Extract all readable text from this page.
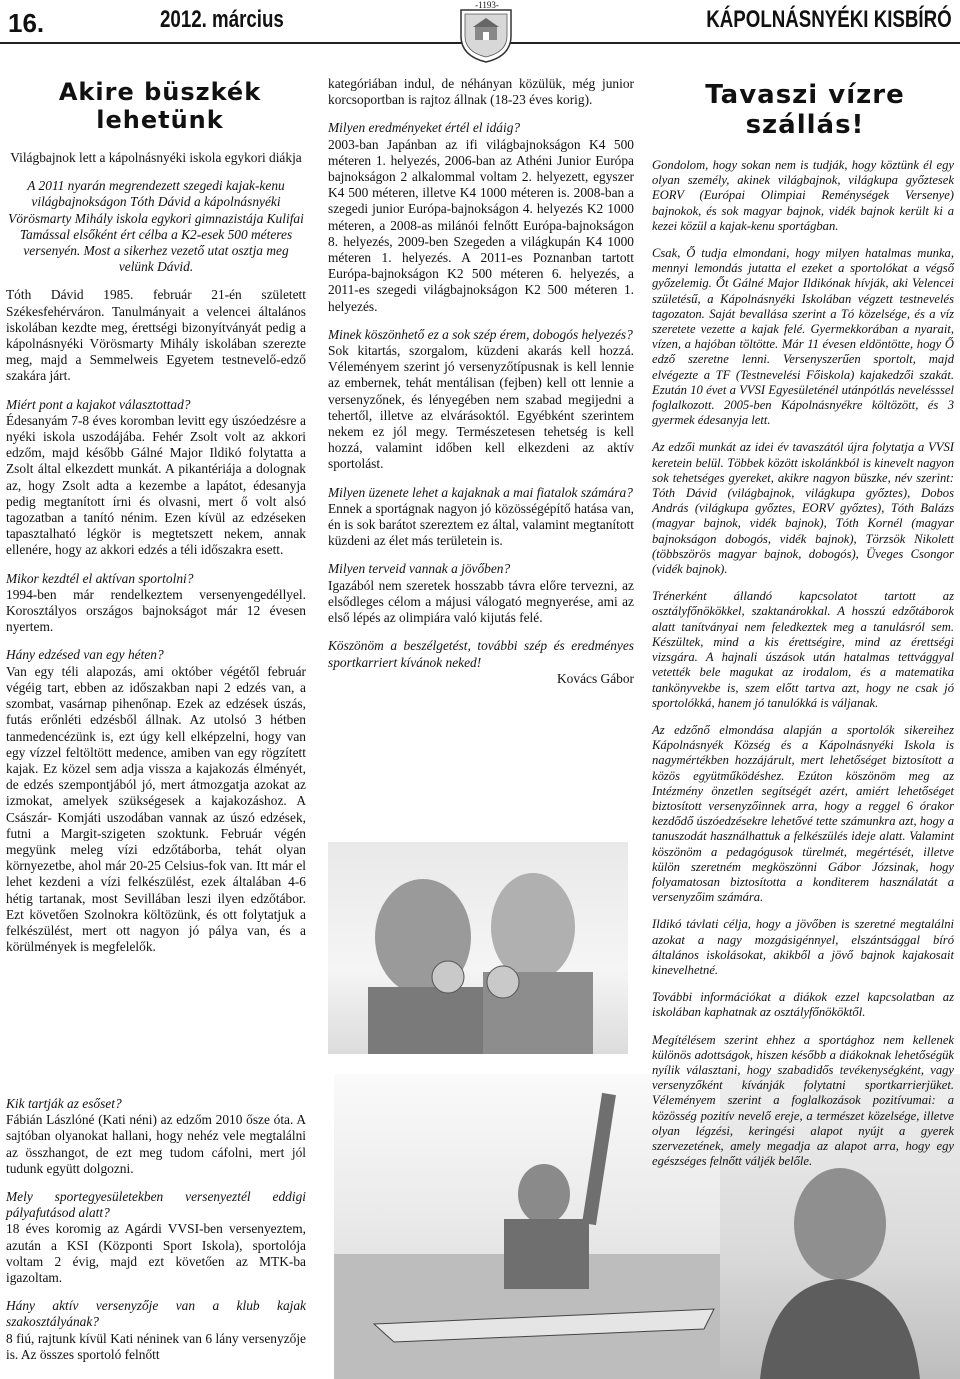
16.	2012. március	KÁPOLNÁSNYÉKI KISBÍRÓ
-1193-
Akire büszkék lehetünk

Világbajnok lett a kápolnásnyéki iskola egykori diákja

A 2011 nyarán megrendezett szegedi kajak-kenu világbajnokságon Tóth Dávid a kápolnásnyéki Vörösmarty Mihály iskola egykori gimnazistája Kulifai Tamással elsőként ért célba a K2-esek 500 méteres versenyén. Most a sikerhez vezető utat osztja meg velünk Dávid.

Tóth Dávid 1985. február 21-én született Székesfehérváron. Tanulmányait a velencei általános iskolában kezdte meg, érettségi bizonyítványát pedig a kápolnásnyéki Vörösmarty Mihály iskolában szerezte meg, majd a Semmelweis Egyetem testnevelő-edző szakára járt.

Miért pont a kajakot választottad?

Édesanyám 7-8 éves koromban levitt egy úszóedzésre a nyéki iskola uszodájába. Fehér Zsolt volt az akkori edzőm, majd később Gálné Major Ildikó folytatta a Zsolt által elkezdett munkát. A pikantériája a dolognak az, hogy Zsolt adta a kezembe a lapátot, édesanyja pedig megtanított írni és olvasni, mert ő volt alsó tagozatban a tanító nénim. Ezen kívül az edzéseken tapasztalható légkör is megtetszett nekem, annak ellenére, hogy az akkori edzés a téli időszakra esett.

Mikor kezdtél el aktívan sportolni?

1994-ben már rendelkeztem versenyengedéllyel. Korosztályos országos bajnokságot már 12 évesen nyertem.

Hány edzésed van egy héten?

Van egy téli alapozás, ami október végétől február végéig tart, ebben az időszakban napi 2 edzés van, a szombat, vasárnap pihenőnap. Ezek az edzések úszás, futás erőnléti edzésből állnak. Az utolsó 3 hétben tanmedencézünk is, ezt úgy kell elképzelni, hogy van egy vízzel feltöltött medence, amiben van egy rögzített kajak. Ez közel sem adja vissza a kajakozás élményét, de edzés szempontjából jó, mert átmozgatja azokat az izmokat, amelyek szükségesek a kajakozáshoz. A Császár- Komjáti uszodában vannak az úszó edzések, futni a Margit-szigeten szoktunk. Február végén megyünk meleg vízi edzőtáborba, tehát olyan környezetbe, ahol már 20-25 Celsius-fok van. Itt már el lehet kezdeni a vízi felkészülést, ezek általában 4-6 hétig tartanak, most Sevillában leszi ilyen edzőtábor. Ezt követően Szolnokra költözünk, és ott folytatjuk a felkészülést, mert ott nagyon jó pálya van, és a körülmények is megfelelők.

Kik tartják az esőset?

Fábián Lászlóné (Kati néni) az edzőm 2010 ősze óta. A sajtóban olyanokat hallani, hogy nehéz vele megtalálni az összhangot, de ezt meg tudom cáfolni, mert jól tudunk együtt dolgozni.

Mely sportegyesületekben versenyeztél eddigi pályafutásod alatt?

18 éves koromig az Agárdi VVSI-ben versenyeztem, azután a KSI (Központi Sport Iskola), sportolója voltam 2 évig, majd ezt követően az MTK-ba igazoltam.

Hány aktív versenyzője van a klub kajak szakosztályának?

8 fiú, rajtunk kívül Kati néninek van 6 lány versenyzője is. Az összes sportoló felnőtt

kategóriában indul, de néhányan közülük, még junior korcsoportban is rajtoz állnak (18-23 éves korig).

Milyen eredményeket értél el idáig?

2003-ban Japánban az ifi világbajnokságon K4 500 méteren 1. helyezés, 2006-ban az Athéni Junior Európa bajnokságon 2 alkalommal voltam 2. helyezett, egyszer K4 500 méteren, illetve K4 1000 méteren is. 2008-ban a szegedi junior Európa-bajnokságon 4. helyezés K2 1000 méteren, a 2008-as milánói felnőtt Európa-bajnokságon 8. helyezés, 2009-ben Szegeden a világkupán K4 1000 méteren 1. helyezés. A 2011-es Poznanban tartott Európa-bajnokságon K2 500 méteren 6. helyezés, a 2011-es szegedi világbajnokságon K2 500 méteren 1. helyezés.

Minek köszönhető ez a sok szép érem, dobogós helyezés?

Sok kitartás, szorgalom, küzdeni akarás kell hozzá. Véleményem szerint jó versenyzőtípusnak is kell lennie az embernek, tehát mentálisan (fejben) kell ott lennie a versenyzőnek, és lényegében nem szabad megijedni a tehertől, illetve az elvárásoktól. Egyébként szerintem nekem ez jól megy. Természetesen tehetség is kell hozzá, valamint időben kell elkezdeni az aktív sportolást.

Milyen üzenete lehet a kajaknak a mai fiatalok számára?

Ennek a sportágnak nagyon jó közösségépítő hatása van, én is sok barátot szereztem ez által, valamint megtanított küzdeni az élet más területein is.

Milyen terveid vannak a jövőben?

Igazából nem szeretek hosszabb távra előre tervezni, az elsődleges célom a májusi válogató megnyerése, ami az első lépés az olimpiára való kijutás felé.

Köszönöm a beszélgetést, további szép és eredményes sportkarriert kívánok neked!

Kovács Gábor

Tavaszi vízre szállás!

Gondolom, hogy sokan nem is tudják, hogy köztünk él egy olyan személy, akinek világbajnok, világkupa győztesek EORV (Európai Olimpiai Reménységek Versenye) bajnokok, és sok magyar bajnok, vidék bajnok került ki a kezei közül a kajak-kenu sportágban.

Csak, Ő tudja elmondani, hogy milyen hatalmas munka, mennyi lemondás jutatta el ezeket a sportolókat a végső győzelemig. Őt Gálné Major Ildikónak hívják, aki Velencei születésű, a Kápolnásnyéki Iskolában végzett testnevelés tagozaton. Saját bevallása szerint a Tó közelsége, és a víz szeretete vezette a kajak felé. Gyermekkorában a nyarait, vízen, a hajóban töltötte. Már 11 évesen eldöntötte, hogy Ő edző szeretne lenni. Versenyszerűen sportolt, majd elvégezte a TF (Testnevelési Főiskola) kajakedzői szakát. Ezután 10 évet a VVSI Egyesületénél utánpótlás nevelésssel foglalkozott. 2005-ben Kápolnásnyékre költözött, és 3 gyermek édesanyja lett.

Az edzői munkát az idei év tavaszától újra folytatja a VVSI keretein belül. Többek között iskolánkból is kinevelt nagyon sok tehetséges gyereket, akikre nagyon büszke, név szerint: Tóth Dávid (világbajnok, világkupa győztes), Dobos András (világkupa győztes, EORV győztes), Tóth Balázs (magyar bajnok, vidék bajnok), Tóth Kornél (magyar bajnokságon dobogós, vidék bajnok), Törzsök Nikolett (többszörös magyar bajnok, dobogós), Üveges Csongor (vidék bajnok).

Trénerként állandó kapcsolatot tartott az osztályfőnökökkel, szaktanárokkal. A hosszú edzőtáborok alatt tanítványai nem feledkeztek meg a tanulásról sem. Készültek, mind a kis érettségire, mind az érettségi vizsgára. A hajnali úszások után hatalmas tettvággyal vetették bele magukat az irodalom, és a matematika tankönyvekbe is, szem előtt tartva azt, hogy ne csak jó sportolókká, hanem jó tanulókká is váljanak.

Az edzőnő elmondása alapján a sportolók sikereihez Kápolnásnyék Község és a Kápolnásnyéki Iskola is nagymértékben hozzájárult, mert lehetőséget biztosított a közös együtműködéshez. Ezúton köszönöm meg az Intézmény önzetlen segítségét azért, amiért lehetőséget biztosított versenyzőinnek arra, hogy a reggel 6 órakor kezdődő úszóedzésekre lehetővé tette számunkra azt, hogy a tanuszodát használhattuk a felkészülés ideje alatt. Valamint köszönöm a pedagógusok türelmét, megértését, illetve külön szeretném megköszönni Gábor Józsinak, hogy folyamatosan biztosította a konditerem használatát a versenyzőim számára.

Ildikó távlati célja, hogy a jövőben is szeretné megtalálni azokat a nagy mozgásigénnyel, elszántsággal bíró általános iskolásokat, akikből a jövő bajnok kajakosait kinevelhetné.

További információkat a diákok ezzel kapcsolatban az iskolában kaphatnak az osztályfőnököktől.

Megítélésem szerint ehhez a sportághoz nem kellenek különös adottságok, hiszen később a diákoknak lehetőségük nyílik választani, hogy szabadidős tevékenységként, vagy versenyzőként kívánják folytatni sportkarrierjüket. Véleményem szerint a foglalkozások pozitívumai: a közösség pozitív nevelő ereje, a természet közelsége, illetve olyan légzési, keringési alapot nyújt a gyerek szervezetének, amely megadja az alapot arra, hogy egy egészséges felnőtt váljék belőle.
